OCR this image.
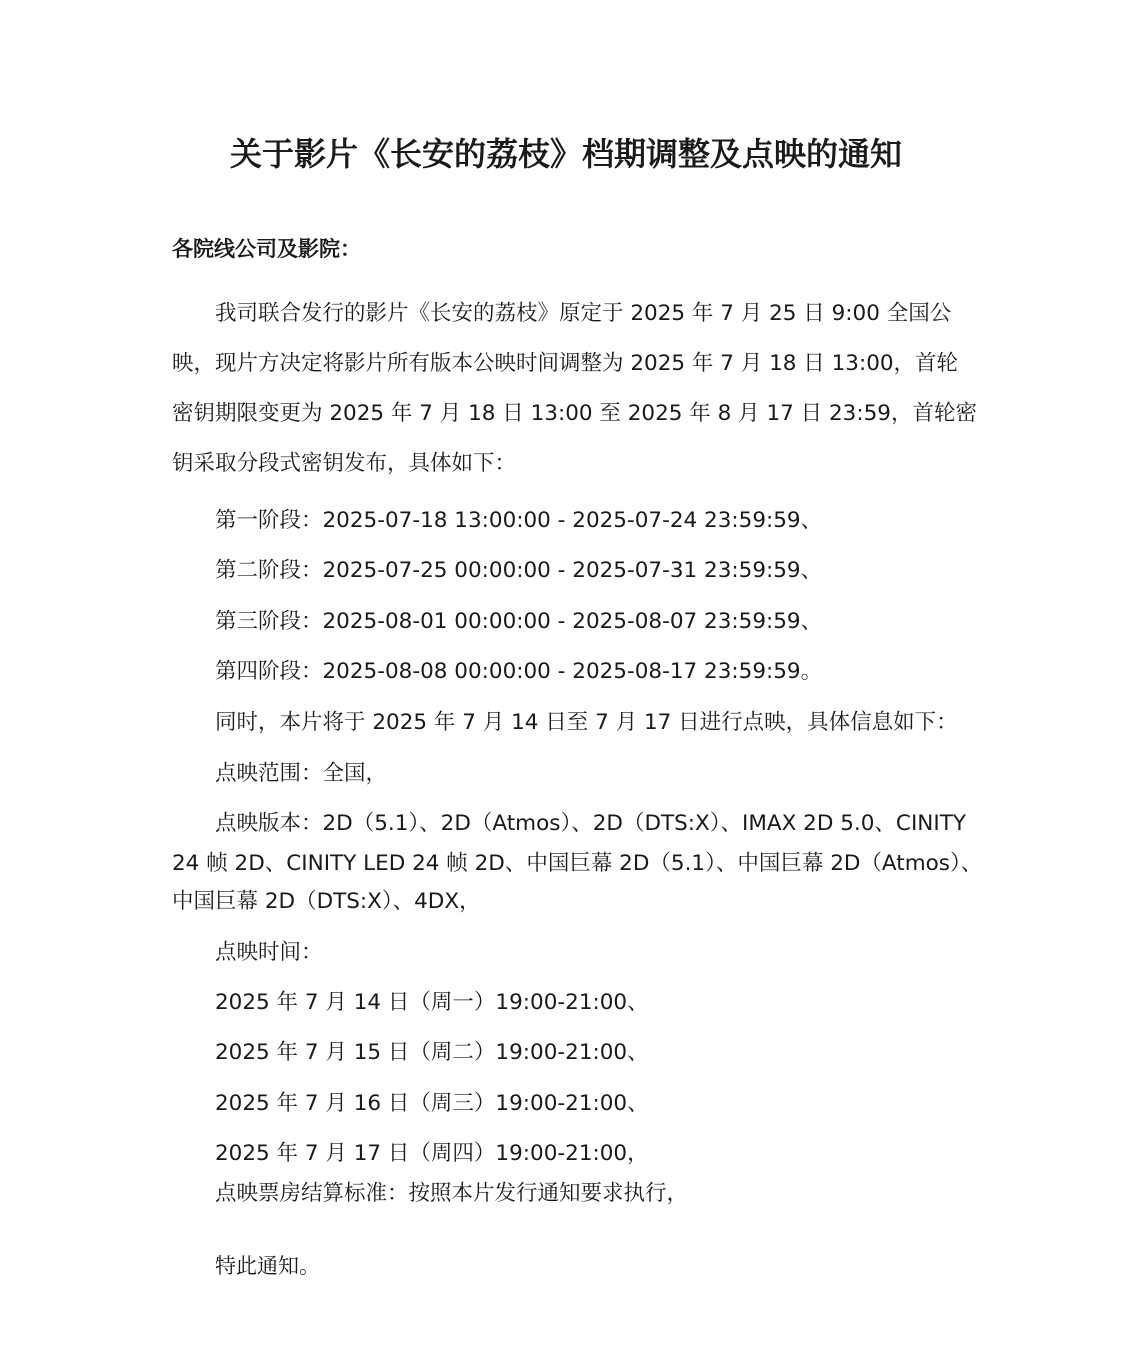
关于影片《长安的荔枝》档期调整及点映的通知
各院线公司及影院：
我司联合发行的影片《长安的荔枝》原定于 2025 年 7 月 25 日 9:00 全国公
映，现片方决定将影片所有版本公映时间调整为 2025 年 7 月 18 日 13:00，首轮
密钥期限变更为 2025 年 7 月 18 日 13:00 至 2025 年 8 月 17 日 23:59，首轮密
钥采取分段式密钥发布，具体如下：
第一阶段：2025-07-18 13:00:00 - 2025-07-24 23:59:59、
第二阶段：2025-07-25 00:00:00 - 2025-07-31 23:59:59、
第三阶段：2025-08-01 00:00:00 - 2025-08-07 23:59:59、
第四阶段：2025-08-08 00:00:00 - 2025-08-17 23:59:59。
同时，本片将于 2025 年 7 月 14 日至 7 月 17 日进行点映，具体信息如下：
点映范围：全国，
点映版本：2D（5.1）、2D（Atmos）、2D（DTS:X）、IMAX 2D 5.0、CINITY
24 帧 2D、CINITY LED 24 帧 2D、中国巨幕 2D（5.1）、中国巨幕 2D（Atmos）、
中国巨幕 2D（DTS:X）、4DX，
点映时间：
2025 年 7 月 14 日（周一）19:00-21:00、
2025 年 7 月 15 日（周二）19:00-21:00、
2025 年 7 月 16 日（周三）19:00-21:00、
2025 年 7 月 17 日（周四）19:00-21:00，
点映票房结算标准：按照本片发行通知要求执行，
特此通知。
